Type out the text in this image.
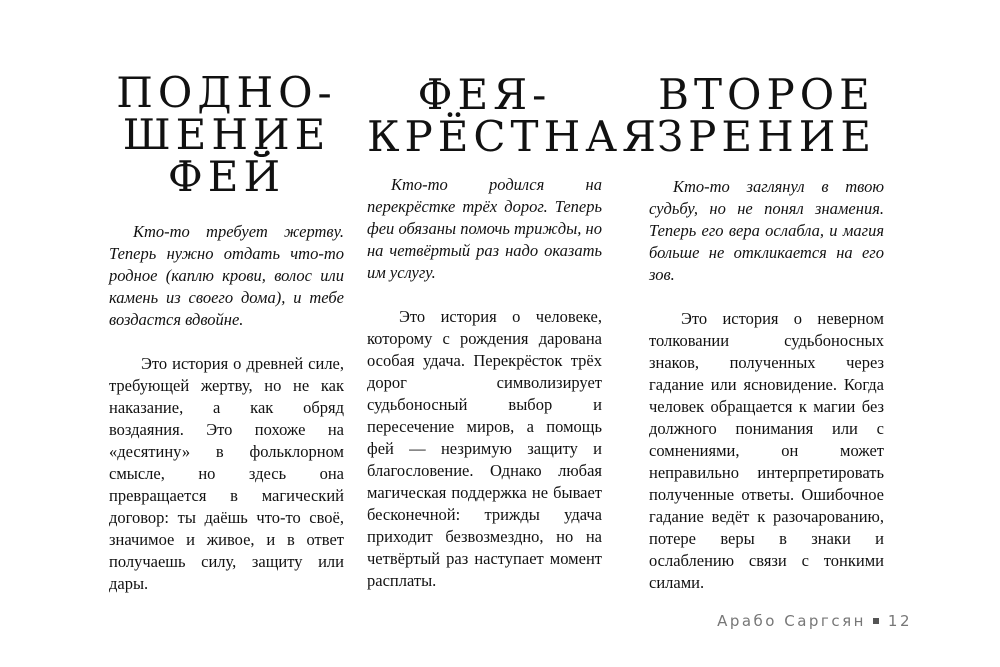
ПОДНО-
ШЕНИЕ
ФЕЙ

Кто-то требует жертву. Теперь нужно отдать что-то родное (каплю крови, волос или камень из своего дома), и тебе воздастся вдвойне.

Это история о древней силе, требующей жертву, но не как наказание, а как обряд воздаяния. Это похоже на «десятину» в фольклорном смысле, но здесь она превращается в магический договор: ты даёшь что-то своё, значимое и живое, и в ответ получаешь силу, защиту или дары.

ФЕЯ-
КРЁСТНАЯ

Кто-то родился на перекрёстке трёх дорог. Теперь феи обязаны помочь трижды, но на четвёртый раз надо оказать им услугу.

Это история о человеке, которому с рождения дарована особая удача. Перекрёсток трёх дорог символизирует судьбоносный выбор и пересечение миров, а помощь фей — незримую защиту и благословение. Однако любая магическая поддержка не бывает бесконечной: трижды удача приходит безвозмездно, но на четвёртый раз наступает момент расплаты.

ВТОРОЕ
ЗРЕНИЕ

Кто-то заглянул в твою судьбу, но не понял знамения. Теперь его вера ослабла, и магия больше не откликается на его зов.

Это история о неверном толковании судьбоносных знаков, полученных через гадание или ясновидение. Когда человек обращается к магии без должного понимания или с сомнениями, он может неправильно интерпретировать полученные ответы. Ошибочное гадание ведёт к разочарованию, потере веры в знаки и ослаблению связи с тонкими силами.

Арабо Саргсян 12
